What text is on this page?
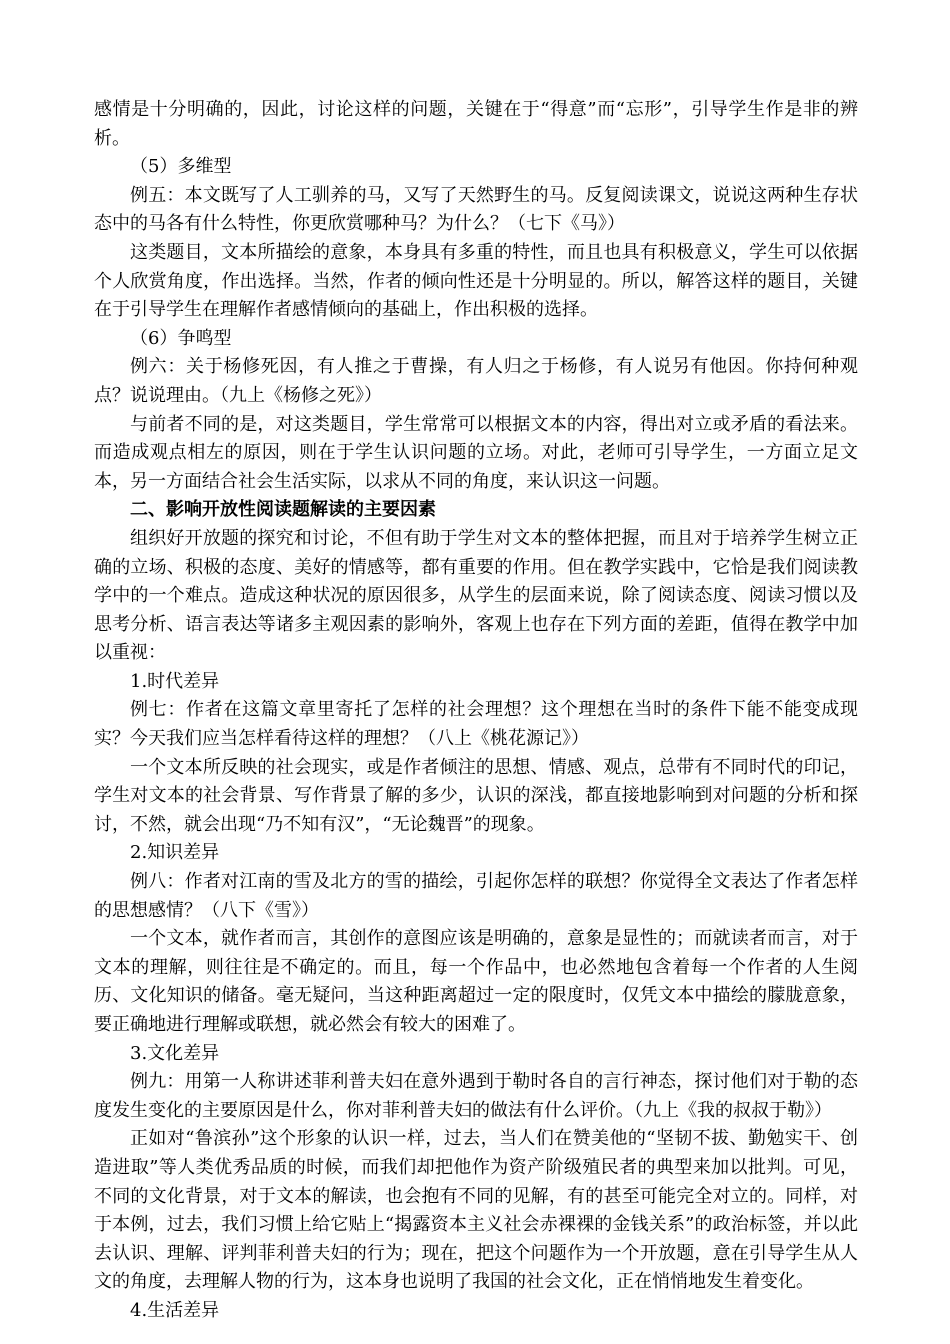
感情是十分明确的，因此，讨论这样的问题，关键在于“得意”而“忘形”，引导学生作是非的辨析。

（5）多维型

例五：本文既写了人工驯养的马，又写了天然野生的马。反复阅读课文，说说这两种生存状态中的马各有什么特性，你更欣赏哪种马？为什么？（七下《马》）

这类题目，文本所描绘的意象，本身具有多重的特性，而且也具有积极意义，学生可以依据个人欣赏角度，作出选择。当然，作者的倾向性还是十分明显的。所以，解答这样的题目，关键在于引导学生在理解作者感情倾向的基础上，作出积极的选择。

（6）争鸣型

例六：关于杨修死因，有人推之于曹操，有人归之于杨修，有人说另有他因。你持何种观点？说说理由。（九上《杨修之死》）

与前者不同的是，对这类题目，学生常常可以根据文本的内容，得出对立或矛盾的看法来。而造成观点相左的原因，则在于学生认识问题的立场。对此，老师可引导学生，一方面立足文本，另一方面结合社会生活实际，以求从不同的角度，来认识这一问题。

二、影响开放性阅读题解读的主要因素

组织好开放题的探究和讨论，不但有助于学生对文本的整体把握，而且对于培养学生树立正确的立场、积极的态度、美好的情感等，都有重要的作用。但在教学实践中，它恰是我们阅读教学中的一个难点。造成这种状况的原因很多，从学生的层面来说，除了阅读态度、阅读习惯以及思考分析、语言表达等诸多主观因素的影响外，客观上也存在下列方面的差距，值得在教学中加以重视：

1.时代差异

例七：作者在这篇文章里寄托了怎样的社会理想？这个理想在当时的条件下能不能变成现实？今天我们应当怎样看待这样的理想？（八上《桃花源记》）

一个文本所反映的社会现实，或是作者倾注的思想、情感、观点，总带有不同时代的印记，学生对文本的社会背景、写作背景了解的多少，认识的深浅，都直接地影响到对问题的分析和探讨，不然，就会出现“乃不知有汉”，“无论魏晋”的现象。

2.知识差异

例八：作者对江南的雪及北方的雪的描绘，引起你怎样的联想？你觉得全文表达了作者怎样的思想感情？（八下《雪》）

一个文本，就作者而言，其创作的意图应该是明确的，意象是显性的；而就读者而言，对于文本的理解，则往往是不确定的。而且，每一个作品中，也必然地包含着每一个作者的人生阅历、文化知识的储备。毫无疑问，当这种距离超过一定的限度时，仅凭文本中描绘的朦胧意象，要正确地进行理解或联想，就必然会有较大的困难了。

3.文化差异

例九：用第一人称讲述菲利普夫妇在意外遇到于勒时各自的言行神态，探讨他们对于勒的态度发生变化的主要原因是什么，你对菲利普夫妇的做法有什么评价。（九上《我的叔叔于勒》）

正如对“鲁滨孙”这个形象的认识一样，过去，当人们在赞美他的“坚韧不拔、勤勉实干、创造进取”等人类优秀品质的时候，而我们却把他作为资产阶级殖民者的典型来加以批判。可见，不同的文化背景，对于文本的解读，也会抱有不同的见解，有的甚至可能完全对立的。同样，对于本例，过去，我们习惯上给它贴上“揭露资本主义社会赤裸裸的金钱关系”的政治标签，并以此去认识、理解、评判菲利普夫妇的行为；现在，把这个问题作为一个开放题，意在引导学生从人文的角度，去理解人物的行为，这本身也说明了我国的社会文化，正在悄悄地发生着变化。

4.生活差异
